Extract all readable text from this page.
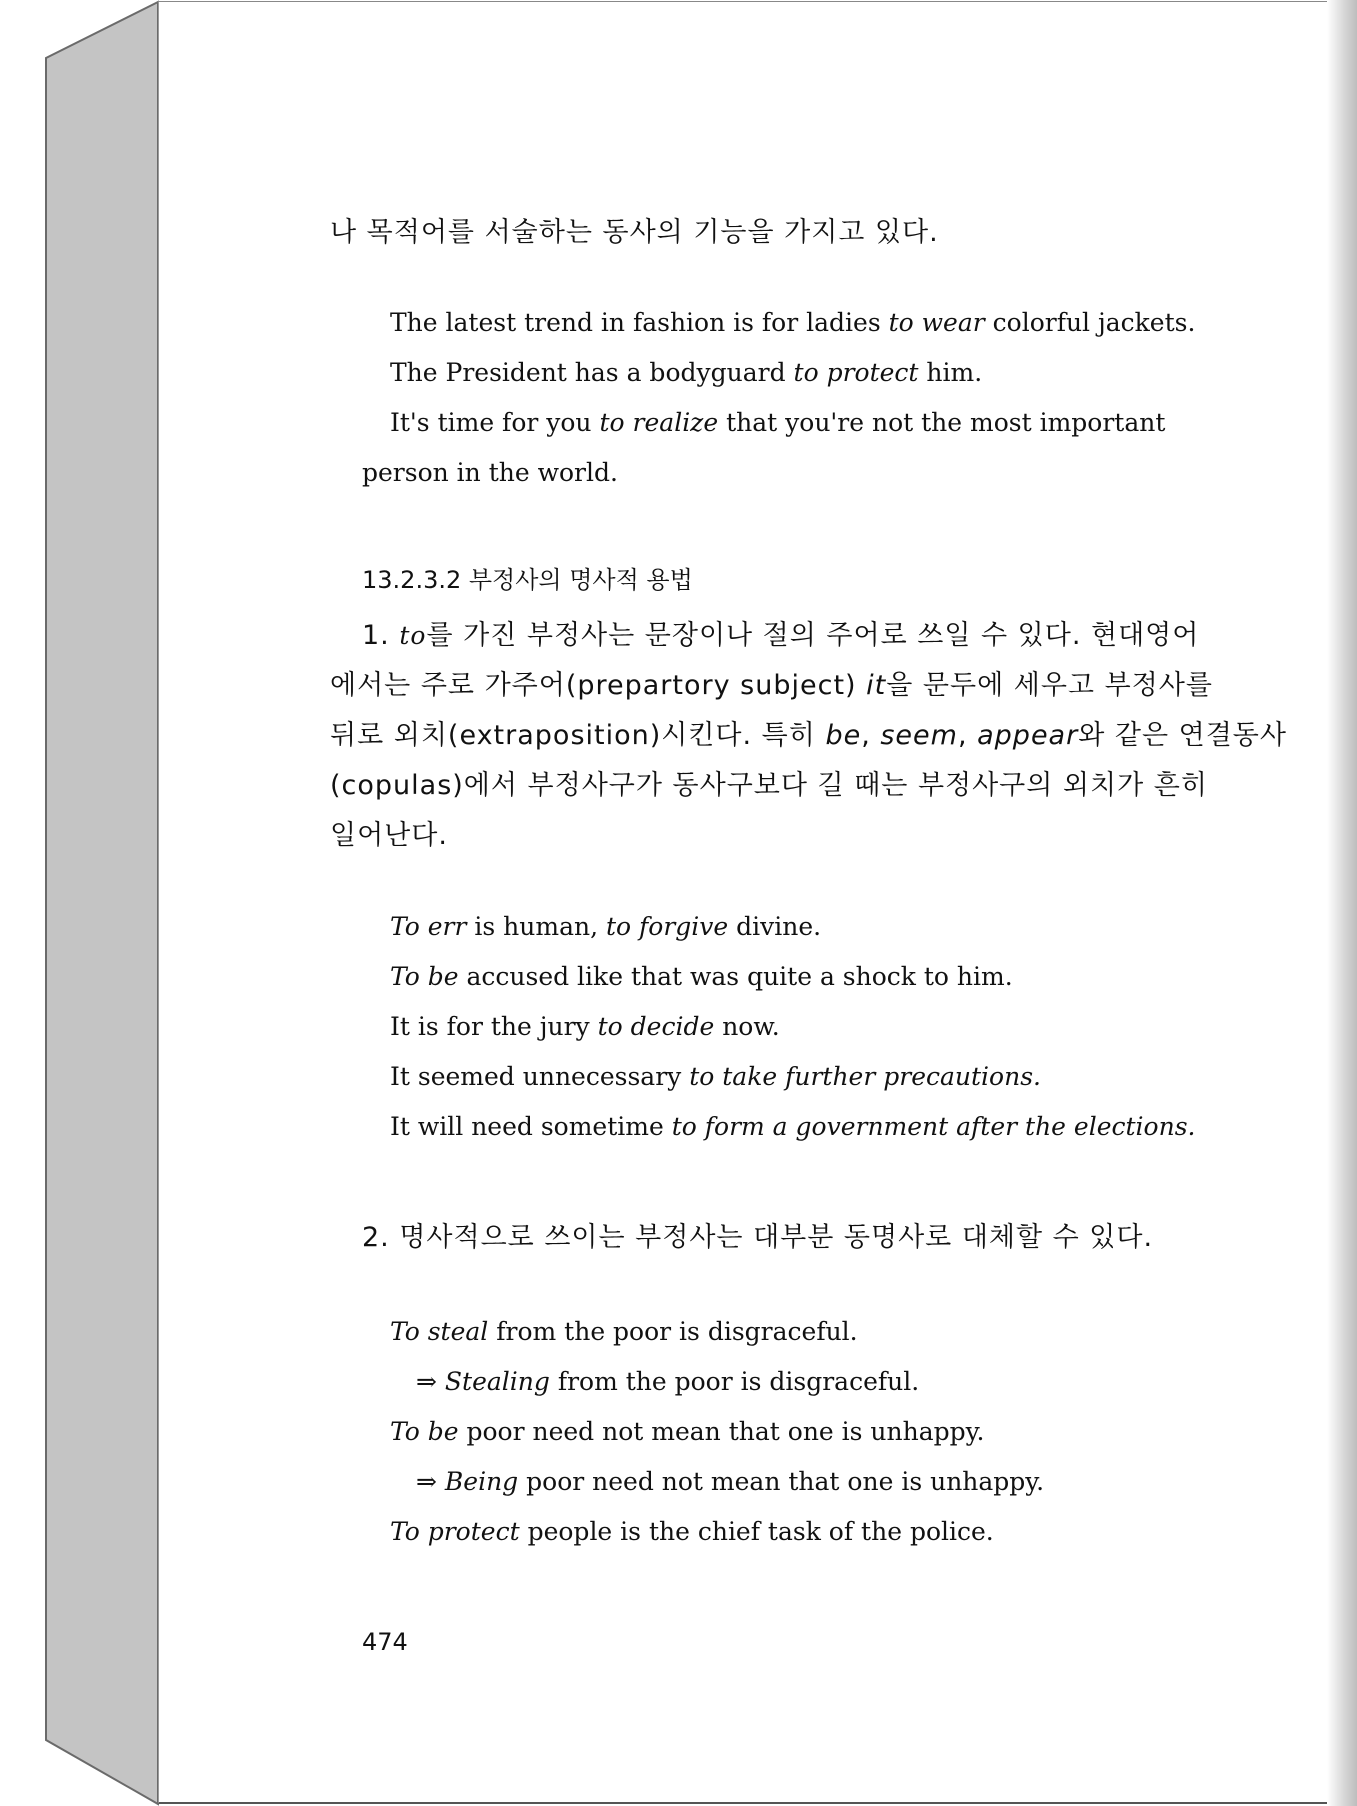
나 목적어를 서술하는 동사의 기능을 가지고 있다.
The latest trend in fashion is for ladies to wear colorful jackets.
The President has a bodyguard to protect him.
It's time for you to realize that you're not the most important
person in the world.
13.2.3.2 부정사의 명사적 용법
1. to를 가진 부정사는 문장이나 절의 주어로 쓰일 수 있다. 현대영어
에서는 주로 가주어(prepartory subject) it을 문두에 세우고 부정사를
뒤로 외치(extraposition)시킨다. 특히 be, seem, appear와 같은 연결동사
(copulas)에서 부정사구가 동사구보다 길 때는 부정사구의 외치가 흔히
일어난다.
To err is human, to forgive divine.
To be accused like that was quite a shock to him.
It is for the jury to decide now.
It seemed unnecessary to take further precautions.
It will need sometime to form a government after the elections.
2. 명사적으로 쓰이는 부정사는 대부분 동명사로 대체할 수 있다.
To steal from the poor is disgraceful.
⇒ Stealing from the poor is disgraceful.
To be poor need not mean that one is unhappy.
⇒ Being poor need not mean that one is unhappy.
To protect people is the chief task of the police.
474
